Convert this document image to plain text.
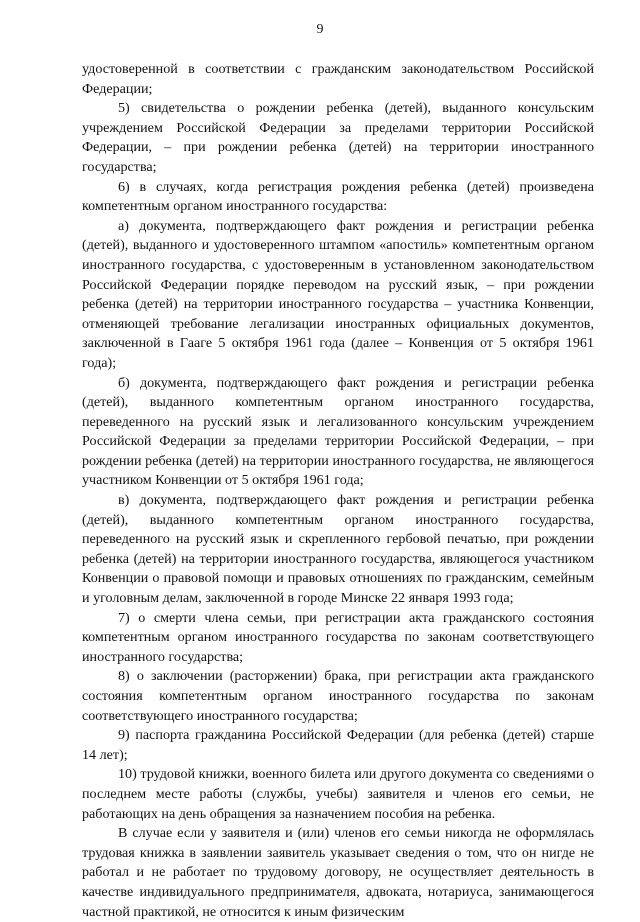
9

удостоверенной в соответствии с гражданским законодательством Российской Федерации;

5) свидетельства о рождении ребенка (детей), выданного консульским учреждением Российской Федерации за пределами территории Российской Федерации, – при рождении ребенка (детей) на территории иностранного государства;

6) в случаях, когда регистрация рождения ребенка (детей) произведена компетентным органом иностранного государства:

а) документа, подтверждающего факт рождения и регистрации ребенка (детей), выданного и удостоверенного штампом «апостиль» компетентным органом иностранного государства, с удостоверенным в установленном законодательством Российской Федерации порядке переводом на русский язык, – при рождении ребенка (детей) на территории иностранного государства – участника Конвенции, отменяющей требование легализации иностранных официальных документов, заключенной в Гааге 5 октября 1961 года (далее – Конвенция от 5 октября 1961 года);

б) документа, подтверждающего факт рождения и регистрации ребенка (детей), выданного компетентным органом иностранного государства, переведенного на русский язык и легализованного консульским учреждением Российской Федерации за пределами территории Российской Федерации, – при рождении ребенка (детей) на территории иностранного государства, не являющегося участником Конвенции от 5 октября 1961 года;

в) документа, подтверждающего факт рождения и регистрации ребенка (детей), выданного компетентным органом иностранного государства, переведенного на русский язык и скрепленного гербовой печатью, при рождении ребенка (детей) на территории иностранного государства, являющегося участником Конвенции о правовой помощи и правовых отношениях по гражданским, семейным и уголовным делам, заключенной в городе Минске 22 января 1993 года;

7) о смерти члена семьи, при регистрации акта гражданского состояния компетентным органом иностранного государства по законам соответствующего иностранного государства;

8) о заключении (расторжении) брака, при регистрации акта гражданского состояния компетентным органом иностранного государства по законам соответствующего иностранного государства;

9) паспорта гражданина Российской Федерации (для ребенка (детей) старше 14 лет);

10) трудовой книжки, военного билета или другого документа со сведениями о последнем месте работы (службы, учебы) заявителя и членов его семьи, не работающих на день обращения за назначением пособия на ребенка.

В случае если у заявителя и (или) членов его семьи никогда не оформлялась трудовая книжка в заявлении заявитель указывает сведения о том, что он нигде не работал и не работает по трудовому договору, не осуществляет деятельность в качестве индивидуального предпринимателя, адвоката, нотариуса, занимающегося частной практикой, не относится к иным физическим
